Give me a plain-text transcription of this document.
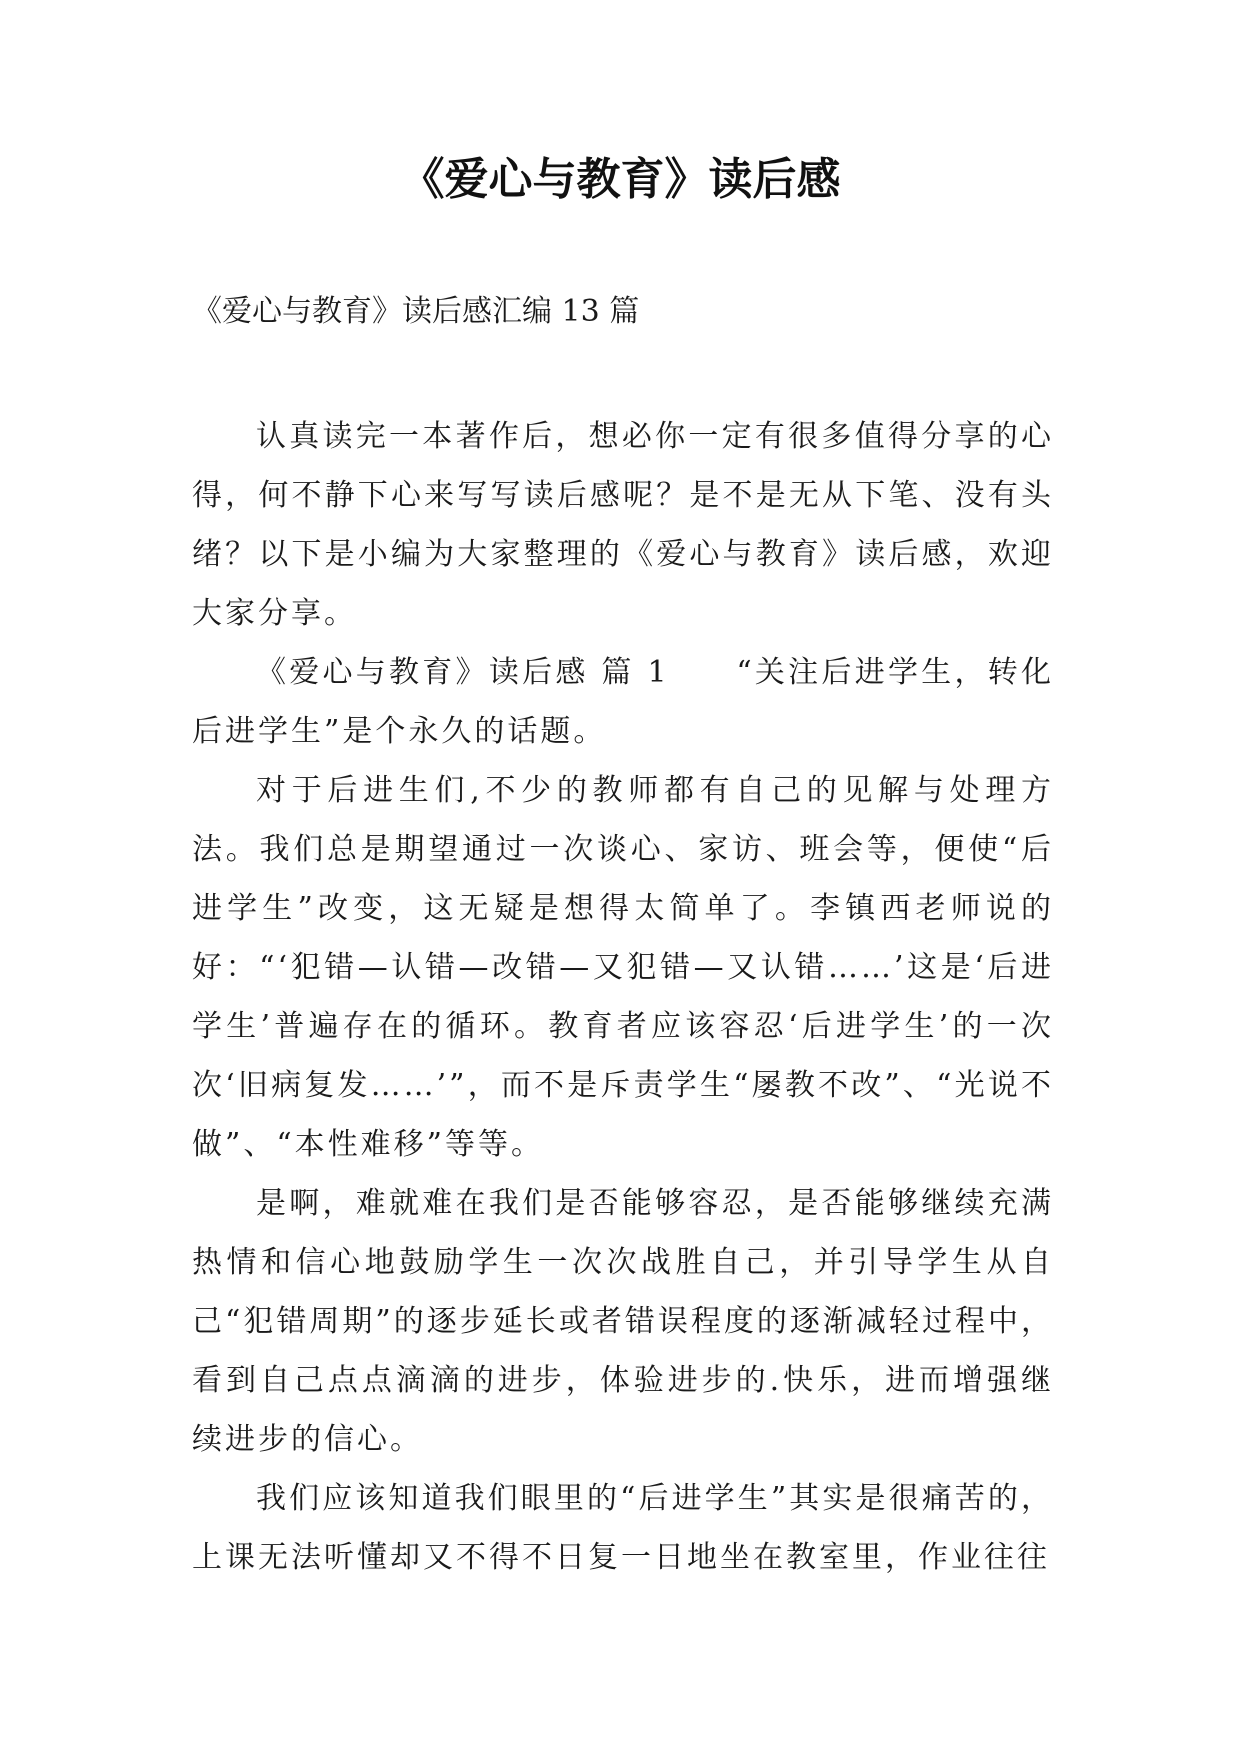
《爱心与教育》读后感

《爱心与教育》读后感汇编 13 篇

认真读完一本著作后，想必你一定有很多值得分享的心得，何不静下心来写写读后感呢？是不是无从下笔、没有头绪？以下是小编为大家整理的《爱心与教育》读后感，欢迎大家分享。

《爱心与教育》读后感 篇 1　　“关注后进学生，转化后进学生”是个永久的话题。

对于后进生们,不少的教师都有自己的见解与处理方法。我们总是期望通过一次谈心、家访、班会等，便使“后进学生”改变，这无疑是想得太简单了。李镇西老师说的好：“‘犯错—认错—改错—又犯错—又认错……’这是‘后进学生’普遍存在的循环。教育者应该容忍‘后进学生’的一次次‘旧病复发……’”，而不是斥责学生“屡教不改”、“光说不做”、“本性难移”等等。

是啊，难就难在我们是否能够容忍，是否能够继续充满热情和信心地鼓励学生一次次战胜自己，并引导学生从自己“犯错周期”的逐步延长或者错误程度的逐渐减轻过程中，看到自己点点滴滴的进步，体验进步的.快乐，进而增强继续进步的信心。

我们应该知道我们眼里的“后进学生”其实是很痛苦的，上课无法听懂却又不得不日复一日地坐在教室里，作业往往
